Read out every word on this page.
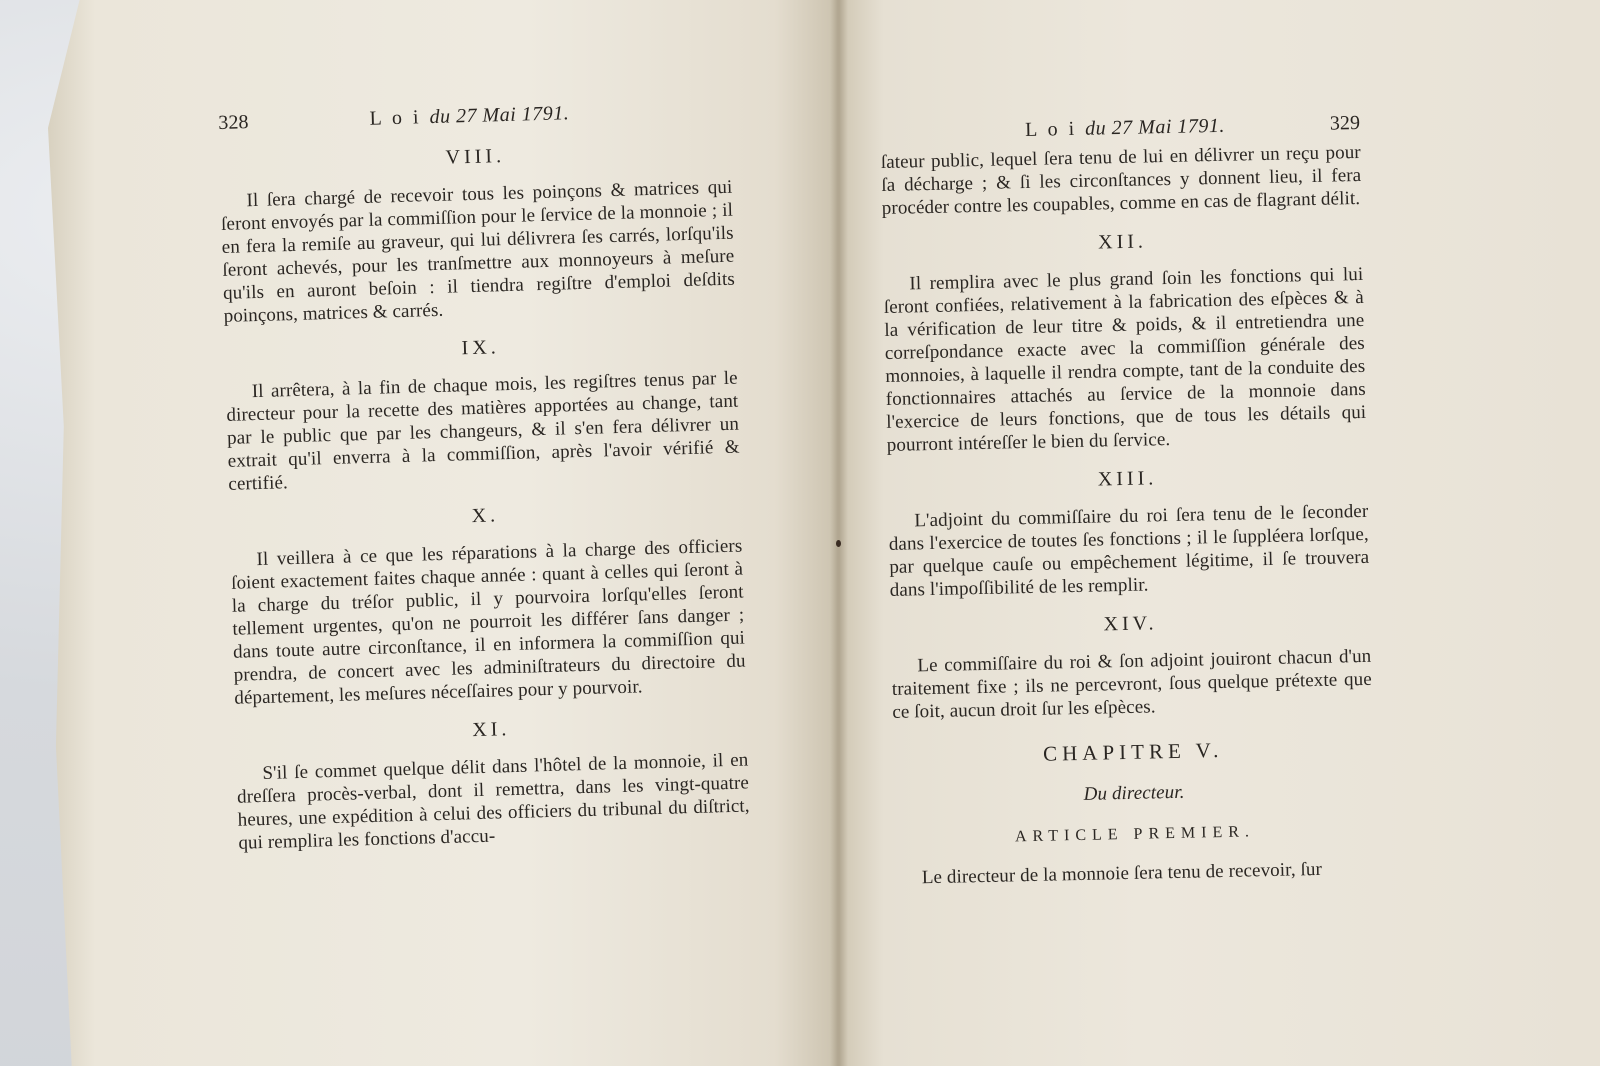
328	L o i du 27 Mai 1791.
VIII.

Il ſera chargé de recevoir tous les poinçons & matrices qui ſeront envoyés par la commiſſion pour le ſervice de la monnoie ; il en fera la remiſe au graveur, qui lui délivrera ſes carrés, lorſqu'ils ſeront achevés, pour les tranſmettre aux monnoyeurs à meſure qu'ils en auront beſoin : il tiendra regiſtre d'emploi deſdits poinçons, matrices & carrés.

IX.

Il arrêtera, à la fin de chaque mois, les regiſtres tenus par le directeur pour la recette des matières apportées au change, tant par le public que par les changeurs, & il s'en fera délivrer un extrait qu'il enverra à la commiſſion, après l'avoir vérifié & certifié.

X.

Il veillera à ce que les réparations à la charge des officiers ſoient exactement faites chaque année : quant à celles qui ſeront à la charge du tréſor public, il y pourvoira lorſqu'elles ſeront tellement urgentes, qu'on ne pourroit les différer ſans danger ; dans toute autre circonſtance, il en informera la commiſſion qui prendra, de concert avec les adminiſtrateurs du directoire du département, les meſures néceſſaires pour y pourvoir.

XI.

S'il ſe commet quelque délit dans l'hôtel de la monnoie, il en dreſſera procès-verbal, dont il remettra, dans les vingt-quatre heures, une expédition à celui des officiers du tribunal du diſtrict, qui remplira les fonctions d'accu-

L o i du 27 Mai 1791.	329

ſateur public, lequel ſera tenu de lui en délivrer un reçu pour ſa décharge ; & ſi les circonſtances y donnent lieu, il fera procéder contre les coupables, comme en cas de flagrant délit.

XII.

Il remplira avec le plus grand ſoin les fonctions qui lui ſeront confiées, relativement à la fabrication des eſpèces & à la vérification de leur titre & poids, & il entretiendra une correſpondance exacte avec la commiſſion générale des monnoies, à laquelle il rendra compte, tant de la conduite des fonctionnaires attachés au ſervice de la monnoie dans l'exercice de leurs fonctions, que de tous les détails qui pourront intéreſſer le bien du ſervice.

XIII.

L'adjoint du commiſſaire du roi ſera tenu de le ſeconder dans l'exercice de toutes ſes fonctions ; il le ſuppléera lorſque, par quelque cauſe ou empêchement légitime, il ſe trouvera dans l'impoſſibilité de les remplir.

XIV.

Le commiſſaire du roi & ſon adjoint jouiront chacun d'un traitement fixe ; ils ne percevront, ſous quelque prétexte que ce ſoit, aucun droit ſur les eſpèces.

CHAPITRE V.
Du directeur.
ARTICLE PREMIER.

Le directeur de la monnoie ſera tenu de recevoir, ſur
